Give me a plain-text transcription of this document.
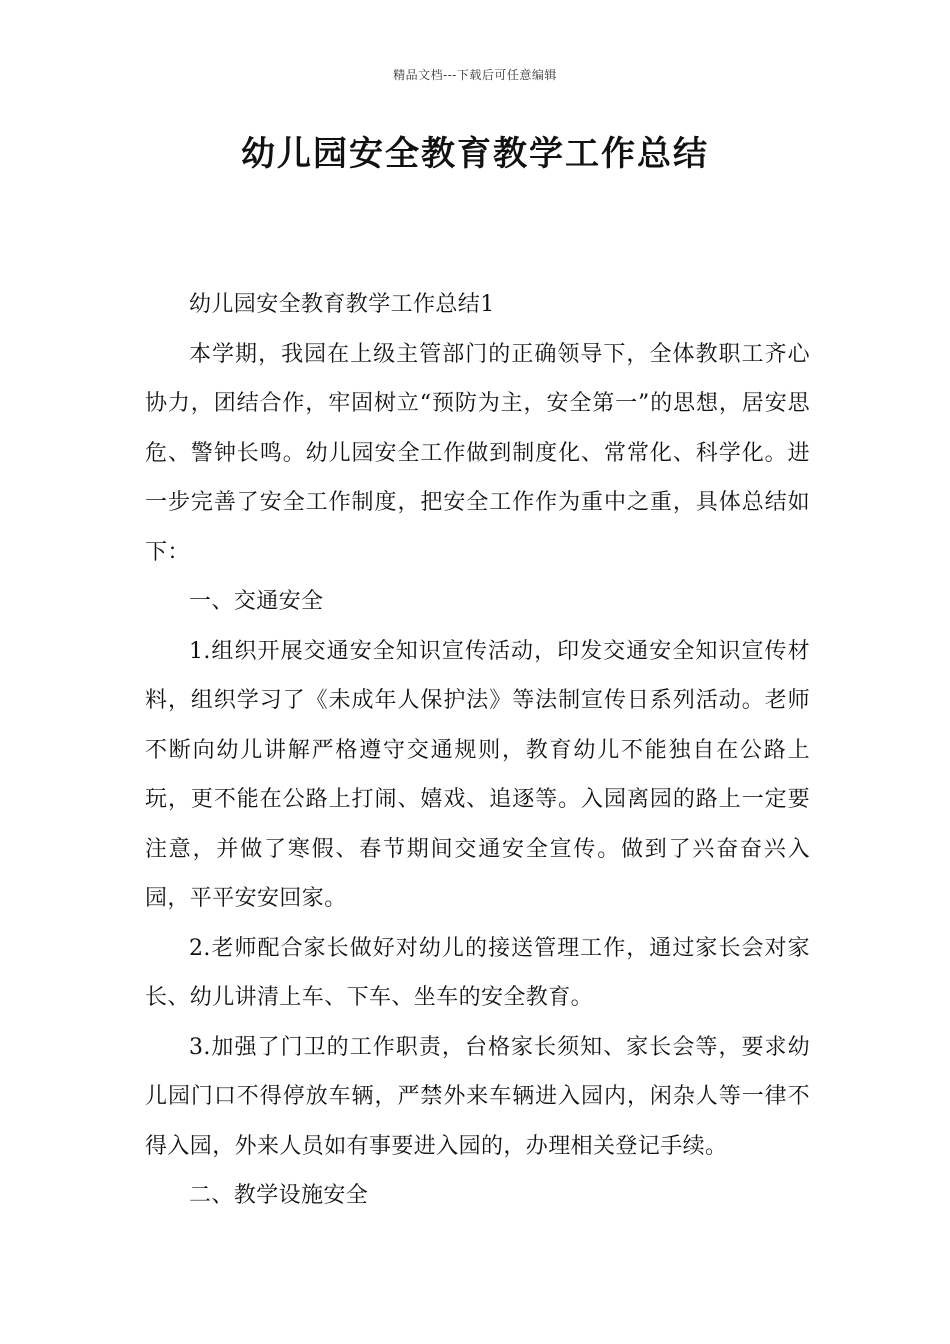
精品文档---下载后可任意编辑
幼儿园安全教育教学工作总结

幼儿园安全教育教学工作总结1

本学期，我园在上级主管部门的正确领导下，全体教职工齐心协力，团结合作，牢固树立“预防为主，安全第一”的思想，居安思危、警钟长鸣。幼儿园安全工作做到制度化、常常化、科学化。进一步完善了安全工作制度，把安全工作作为重中之重，具体总结如下：

一、交通安全

1.组织开展交通安全知识宣传活动，印发交通安全知识宣传材料，组织学习了《未成年人保护法》等法制宣传日系列活动。老师不断向幼儿讲解严格遵守交通规则，教育幼儿不能独自在公路上玩，更不能在公路上打闹、嬉戏、追逐等。入园离园的路上一定要注意，并做了寒假、春节期间交通安全宣传。做到了兴奋奋兴入园，平平安安回家。

2.老师配合家长做好对幼儿的接送管理工作，通过家长会对家长、幼儿讲清上车、下车、坐车的安全教育。

3.加强了门卫的工作职责，台格家长须知、家长会等，要求幼儿园门口不得停放车辆，严禁外来车辆进入园内，闲杂人等一律不得入园，外来人员如有事要进入园的，办理相关登记手续。

二、教学设施安全
